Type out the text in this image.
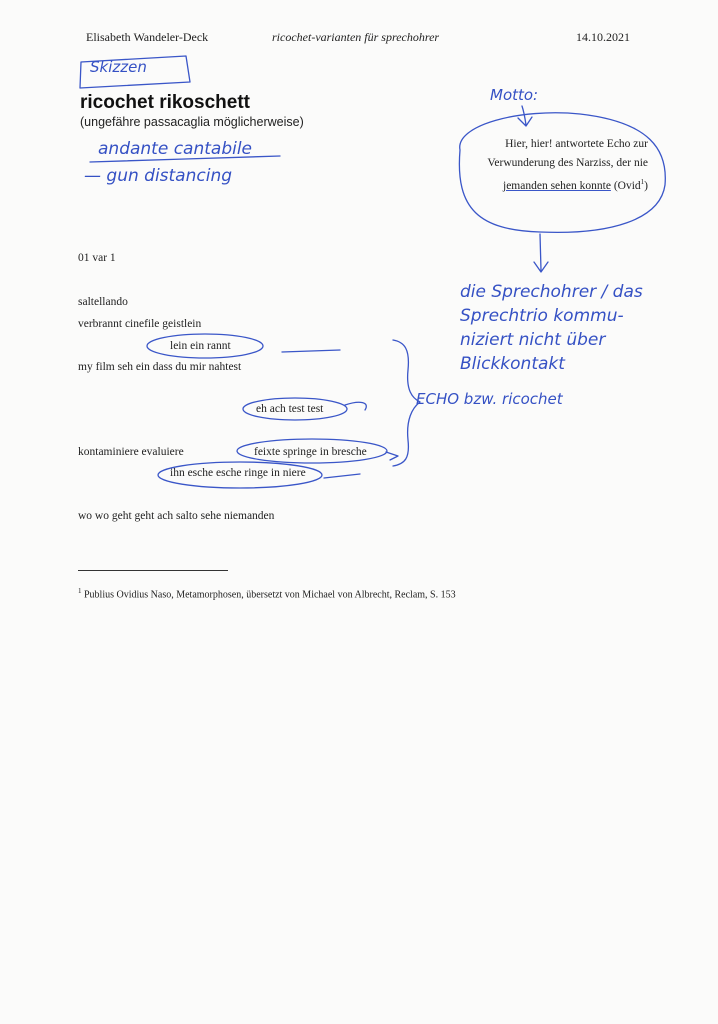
Elisabeth Wandeler-Deck	ricochet-varianten für sprechohrer	14.10.2021
Skizzen
ricochet rikoschett
(ungefähre passacaglia möglicherweise)
andante cantabile
— gun distancing
Motto:
Hier, hier! antwortete Echo zur
Verwunderung des Narziss, der nie
jemanden sehen konnte (Ovid$^1$)
die Sprechohrer / das
Sprechtrio kommu-
niziert nicht über
Blickkontakt
ECHO bzw. ricochet
01 var 1
saltellando
verbrannt cinefile geistlein
lein ein rannt
my film seh ein dass du mir nahtest
eh ach test test
kontaminiere evaluiere	feixte springe in bresche
ihn esche esche ringe in niere
wo wo geht geht ach salto sehe niemanden
$^1$ Publius Ovidius Naso, Metamorphosen, übersetzt von Michael von Albrecht, Reclam, S. 153
